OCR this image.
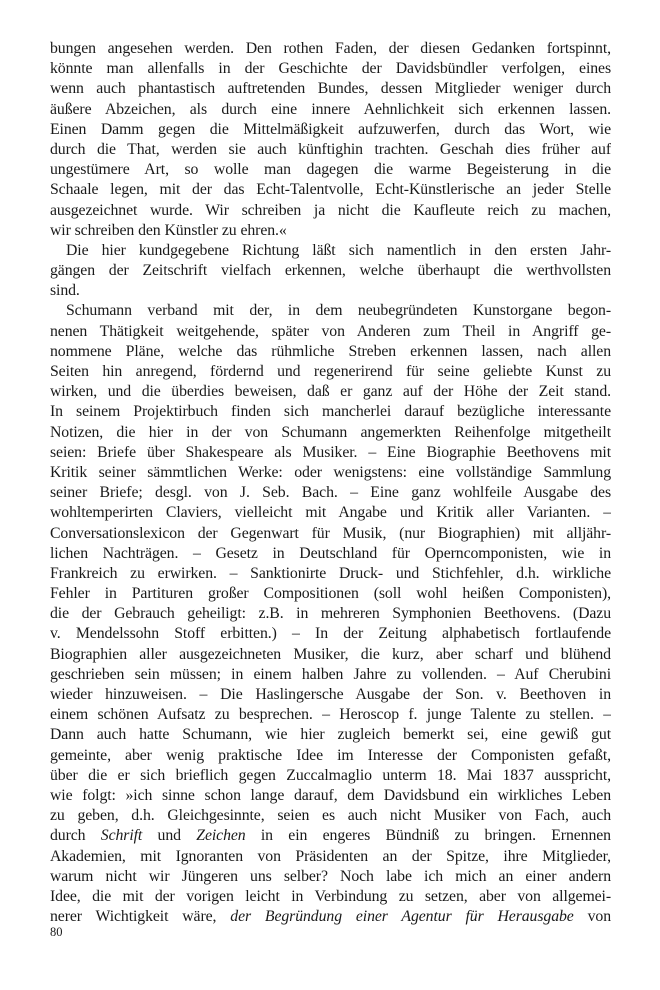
bungen angesehen werden. Den rothen Faden, der diesen Gedanken fortspinnt,
könnte man allenfalls in der Geschichte der Davidsbündler verfolgen, eines
wenn auch phantastisch auftretenden Bundes, dessen Mitglieder weniger durch
äußere Abzeichen, als durch eine innere Aehnlichkeit sich erkennen lassen.
Einen Damm gegen die Mittelmäßigkeit aufzuwerfen, durch das Wort, wie
durch die That, werden sie auch künftighin trachten. Geschah dies früher auf
ungestümere Art, so wolle man dagegen die warme Begeisterung in die
Schaale legen, mit der das Echt-Talentvolle, Echt-Künstlerische an jeder Stelle
ausgezeichnet wurde. Wir schreiben ja nicht die Kaufleute reich zu machen,
wir schreiben den Künstler zu ehren.«
Die hier kundgegebene Richtung läßt sich namentlich in den ersten Jahr-
gängen der Zeitschrift vielfach erkennen, welche überhaupt die werthvollsten
sind.
Schumann verband mit der, in dem neubegründeten Kunstorgane begon-
nenen Thätigkeit weitgehende, später von Anderen zum Theil in Angriff ge-
nommene Pläne, welche das rühmliche Streben erkennen lassen, nach allen
Seiten hin anregend, fördernd und regenerirend für seine geliebte Kunst zu
wirken, und die überdies beweisen, daß er ganz auf der Höhe der Zeit stand.
In seinem Projektirbuch finden sich mancherlei darauf bezügliche interessante
Notizen, die hier in der von Schumann angemerkten Reihenfolge mitgetheilt
seien: Briefe über Shakespeare als Musiker. – Eine Biographie Beethovens mit
Kritik seiner sämmtlichen Werke: oder wenigstens: eine vollständige Sammlung
seiner Briefe; desgl. von J. Seb. Bach. – Eine ganz wohlfeile Ausgabe des
wohltemperirten Claviers, vielleicht mit Angabe und Kritik aller Varianten. –
Conversationslexicon der Gegenwart für Musik, (nur Biographien) mit alljähr-
lichen Nachträgen. – Gesetz in Deutschland für Operncomponisten, wie in
Frankreich zu erwirken. – Sanktionirte Druck- und Stichfehler, d.h. wirkliche
Fehler in Partituren großer Compositionen (soll wohl heißen Componisten),
die der Gebrauch geheiligt: z.B. in mehreren Symphonien Beethovens. (Dazu
v. Mendelssohn Stoff erbitten.) – In der Zeitung alphabetisch fortlaufende
Biographien aller ausgezeichneten Musiker, die kurz, aber scharf und blühend
geschrieben sein müssen; in einem halben Jahre zu vollenden. – Auf Cherubini
wieder hinzuweisen. – Die Haslingersche Ausgabe der Son. v. Beethoven in
einem schönen Aufsatz zu besprechen. – Heroscop f. junge Talente zu stellen. –
Dann auch hatte Schumann, wie hier zugleich bemerkt sei, eine gewiß gut
gemeinte, aber wenig praktische Idee im Interesse der Componisten gefaßt,
über die er sich brieflich gegen Zuccalmaglio unterm 18. Mai 1837 ausspricht,
wie folgt: »ich sinne schon lange darauf, dem Davidsbund ein wirkliches Leben
zu geben, d.h. Gleichgesinnte, seien es auch nicht Musiker von Fach, auch
durch Schrift und Zeichen in ein engeres Bündniß zu bringen. Ernennen
Akademien, mit Ignoranten von Präsidenten an der Spitze, ihre Mitglieder,
warum nicht wir Jüngeren uns selber? Noch labe ich mich an einer andern
Idee, die mit der vorigen leicht in Verbindung zu setzen, aber von allgemei-
nerer Wichtigkeit wäre, der Begründung einer Agentur für Herausgabe von
80
